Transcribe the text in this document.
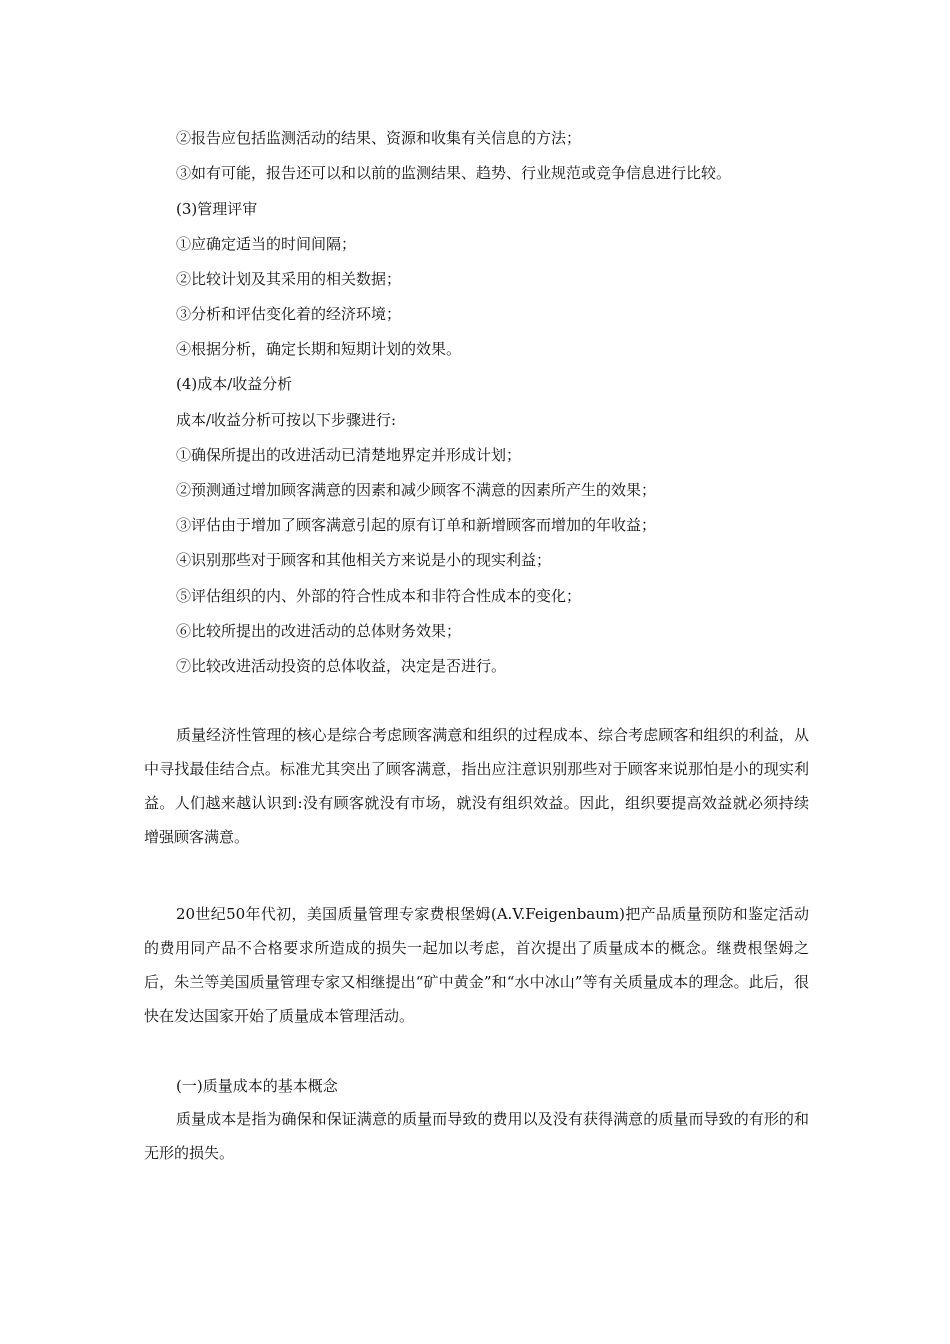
②报告应包括监测活动的结果、资源和收集有关信息的方法；
③如有可能，报告还可以和以前的监测结果、趋势、行业规范或竞争信息进行比较。
(3)管理评审
①应确定适当的时间间隔；
②比较计划及其采用的相关数据；
③分析和评估变化着的经济环境；
④根据分析，确定长期和短期计划的效果。
(4)成本/收益分析
成本/收益分析可按以下步骤进行:
①确保所提出的改进活动已清楚地界定并形成计划；
②预测通过增加顾客满意的因素和减少顾客不满意的因素所产生的效果；
③评估由于增加了顾客满意引起的原有订单和新增顾客而增加的年收益；
④识别那些对于顾客和其他相关方来说是小的现实利益；
⑤评估组织的内、外部的符合性成本和非符合性成本的变化；
⑥比较所提出的改进活动的总体财务效果；
⑦比较改进活动投资的总体收益，决定是否进行。
质量经济性管理的核心是综合考虑顾客满意和组织的过程成本、综合考虑顾客和组织的利益，从中寻找最佳结合点。标准尤其突出了顾客满意，指出应注意识别那些对于顾客来说那怕是小的现实利益。人们越来越认识到:没有顾客就没有市场，就没有组织效益。因此，组织要提高效益就必须持续增强顾客满意。
20世纪50年代初，美国质量管理专家费根堡姆(A.V.Feigenbaum)把产品质量预防和鉴定活动的费用同产品不合格要求所造成的损失一起加以考虑，首次提出了质量成本的概念。继费根堡姆之后，朱兰等美国质量管理专家又相继提出“矿中黄金”和“水中冰山”等有关质量成本的理念。此后，很快在发达国家开始了质量成本管理活动。
(一)质量成本的基本概念
质量成本是指为确保和保证满意的质量而导致的费用以及没有获得满意的质量而导致的有形的和无形的损失。
